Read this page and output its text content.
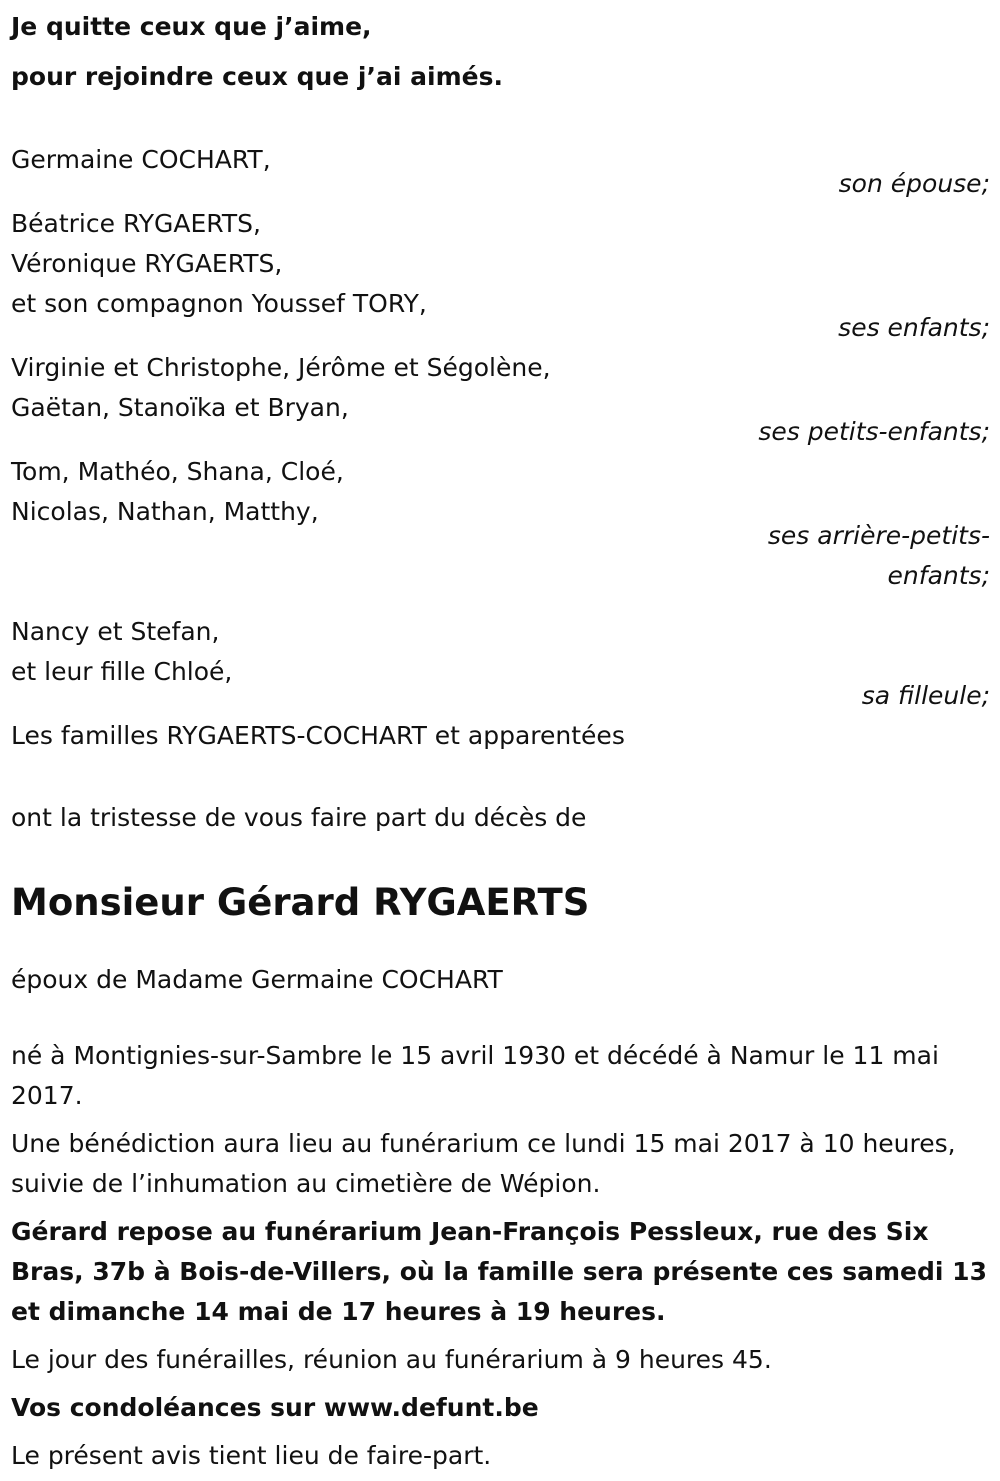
Je quitte ceux que j’aime,
pour rejoindre ceux que j’ai aimés.
Germaine COCHART,
son épouse;
Béatrice RYGAERTS,
Véronique RYGAERTS,
et son compagnon Youssef TORY,
ses enfants;
Virginie et Christophe, Jérôme et Ségolène,
Gaëtan, Stanoïka et Bryan,
ses petits-enfants;
Tom, Mathéo, Shana, Cloé,
Nicolas, Nathan, Matthy,
ses arrière-petits-enfants;
Nancy et Stefan,
et leur fille Chloé,
sa filleule;
Les familles RYGAERTS-COCHART et apparentées
ont la tristesse de vous faire part du décès de
Monsieur Gérard RYGAERTS
époux de Madame Germaine COCHART
né à Montignies-sur-Sambre le 15 avril 1930 et décédé à Namur le 11 mai 2017.
Une bénédiction aura lieu au funérarium ce lundi 15 mai 2017 à 10 heures, suivie de l’inhumation au cimetière de Wépion.
Gérard repose au funérarium Jean-François Pessleux, rue des Six Bras, 37b à Bois-de-Villers, où la famille sera présente ces samedi 13 et dimanche 14 mai de 17 heures à 19 heures.
Le jour des funérailles, réunion au funérarium à 9 heures 45.
Vos condoléances sur www.defunt.be
Le présent avis tient lieu de faire-part.
